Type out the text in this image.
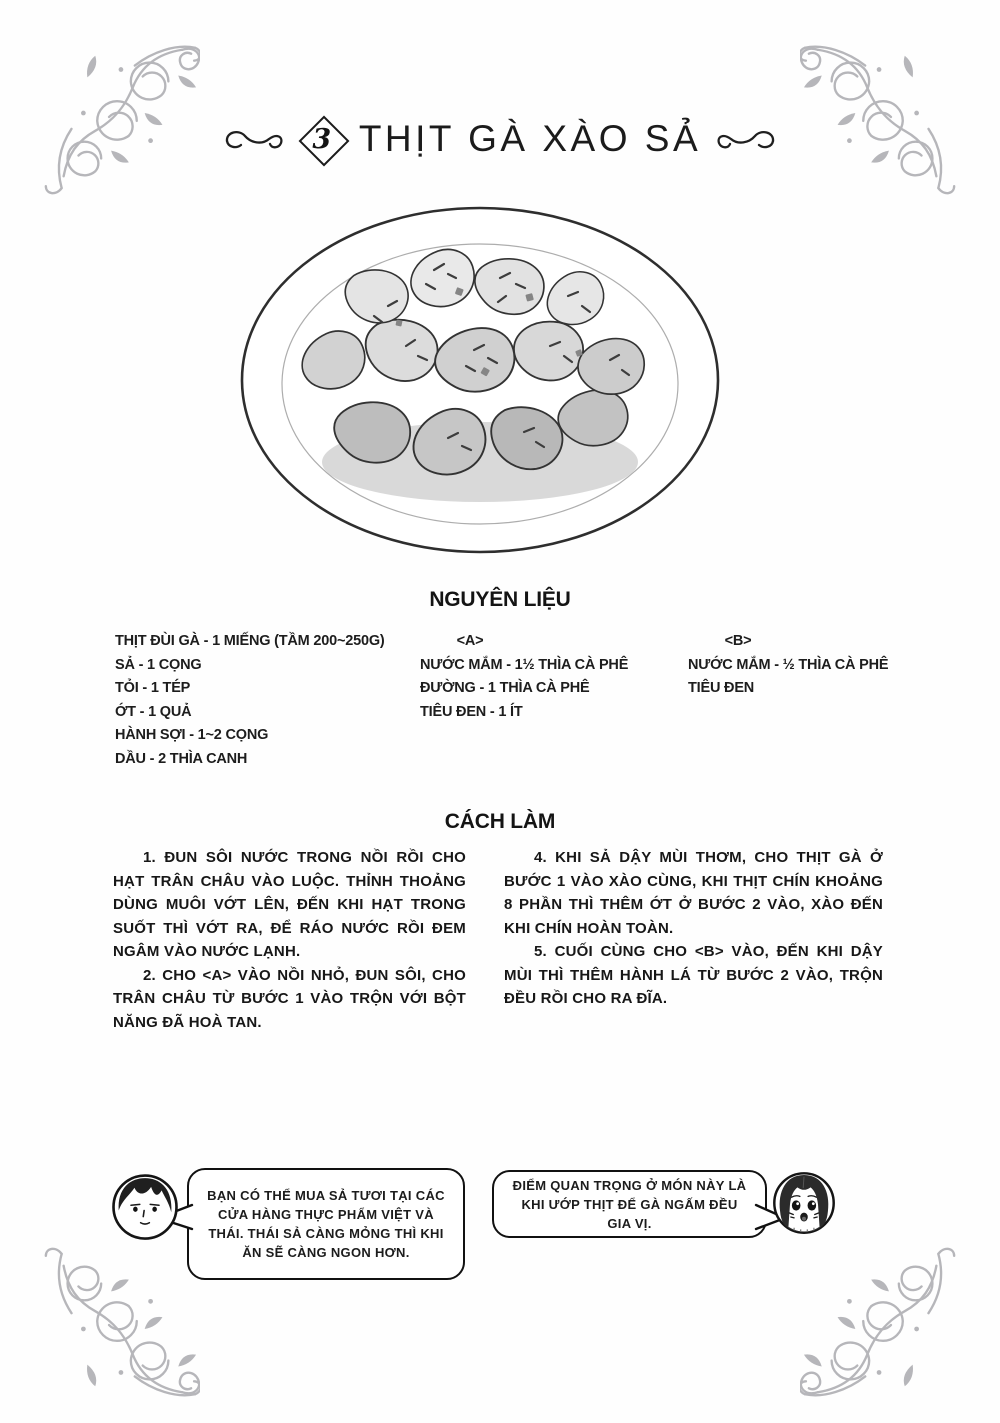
3 THỊT GÀ XÀO SẢ
NGUYÊN LIỆU
THỊT ĐÙI GÀ - 1 MIẾNG (TẦM 200~250G)
SẢ - 1 CỌNG
TỎI - 1 TÉP
ỚT - 1 QUẢ
HÀNH SỢI - 1~2 CỌNG
DẦU - 2 THÌA CANH
<A>
NƯỚC MẮM - 1½ THÌA CÀ PHÊ
ĐƯỜNG - 1 THÌA CÀ PHÊ
TIÊU ĐEN - 1 ÍT
<B>
NƯỚC MẮM - ½ THÌA CÀ PHÊ
TIÊU ĐEN
CÁCH LÀM

1. ĐUN SÔI NƯỚC TRONG NỒI RỒI CHO HẠT TRÂN CHÂU VÀO LUỘC. THỈNH THOẢNG DÙNG MUÔI VỚT LÊN, ĐẾN KHI HẠT TRONG SUỐT THÌ VỚT RA, ĐỂ RÁO NƯỚC RỒI ĐEM NGÂM VÀO NƯỚC LẠNH.

2. CHO <A> VÀO NỒI NHỎ, ĐUN SÔI, CHO TRÂN CHÂU TỪ BƯỚC 1 VÀO TRỘN VỚI BỘT NĂNG ĐÃ HOÀ TAN.

4. KHI SẢ DẬY MÙI THƠM, CHO THỊT GÀ Ở BƯỚC 1 VÀO XÀO CÙNG, KHI THỊT CHÍN KHOẢNG 8 PHẦN THÌ THÊM ỚT Ở BƯỚC 2 VÀO, XÀO ĐẾN KHI CHÍN HOÀN TOÀN.

5. CUỐI CÙNG CHO <B> VÀO, ĐẾN KHI DẬY MÙI THÌ THÊM HÀNH LÁ TỪ BƯỚC 2 VÀO, TRỘN ĐỀU RỒI CHO RA ĐĨA.

BẠN CÓ THỂ MUA SẢ TƯƠI TẠI CÁC CỬA HÀNG THỰC PHẨM VIỆT VÀ THÁI. THÁI SẢ CÀNG MỎNG THÌ KHI ĂN SẼ CÀNG NGON HƠN.
ĐIỂM QUAN TRỌNG Ở MÓN NÀY LÀ KHI ƯỚP THỊT ĐỂ GÀ NGẤM ĐỀU GIA VỊ.
